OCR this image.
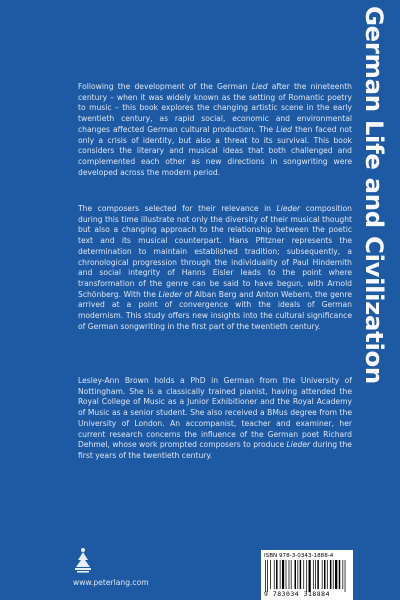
German Life and Civilization

Following the development of the German Lied after the nineteenth century – when it was widely known as the setting of Romantic poetry to music – this book explores the changing artistic scene in the early twentieth century, as rapid social, economic and environmental changes affected German cultural production. The Lied then faced not only a crisis of identity, but also a threat to its survival. This book considers the literary and musical ideas that both challenged and complemented each other as new directions in songwriting were developed across the modern period.

The composers selected for their relevance in Lieder composition during this time illustrate not only the diversity of their musical thought but also a changing approach to the relationship between the poetic text and its musical counterpart. Hans Pfitzner represents the determination to maintain established tradition; subsequently, a chronological progression through the individuality of Paul Hindemith and social integrity of Hanns Eisler leads to the point where transformation of the genre can be said to have begun, with Arnold Schönberg. With the Lieder of Alban Berg and Anton Webern, the genre arrived at a point of convergence with the ideals of German modernism. This study offers new insights into the cultural significance of German songwriting in the first part of the twentieth century.

Lesley-Ann Brown holds a PhD in German from the University of Nottingham. She is a classically trained pianist, having attended the Royal College of Music as a Junior Exhibitioner and the Royal Academy of Music as a senior student. She also received a BMus degree from the University of London. An accompanist, teacher and examiner, her current research concerns the influence of the German poet Richard Dehmel, whose work prompted composers to produce Lieder during the first years of the twentieth century.

www.peterlang.com
ISBN 978-3-0343-1888-4
9 783034 318884
